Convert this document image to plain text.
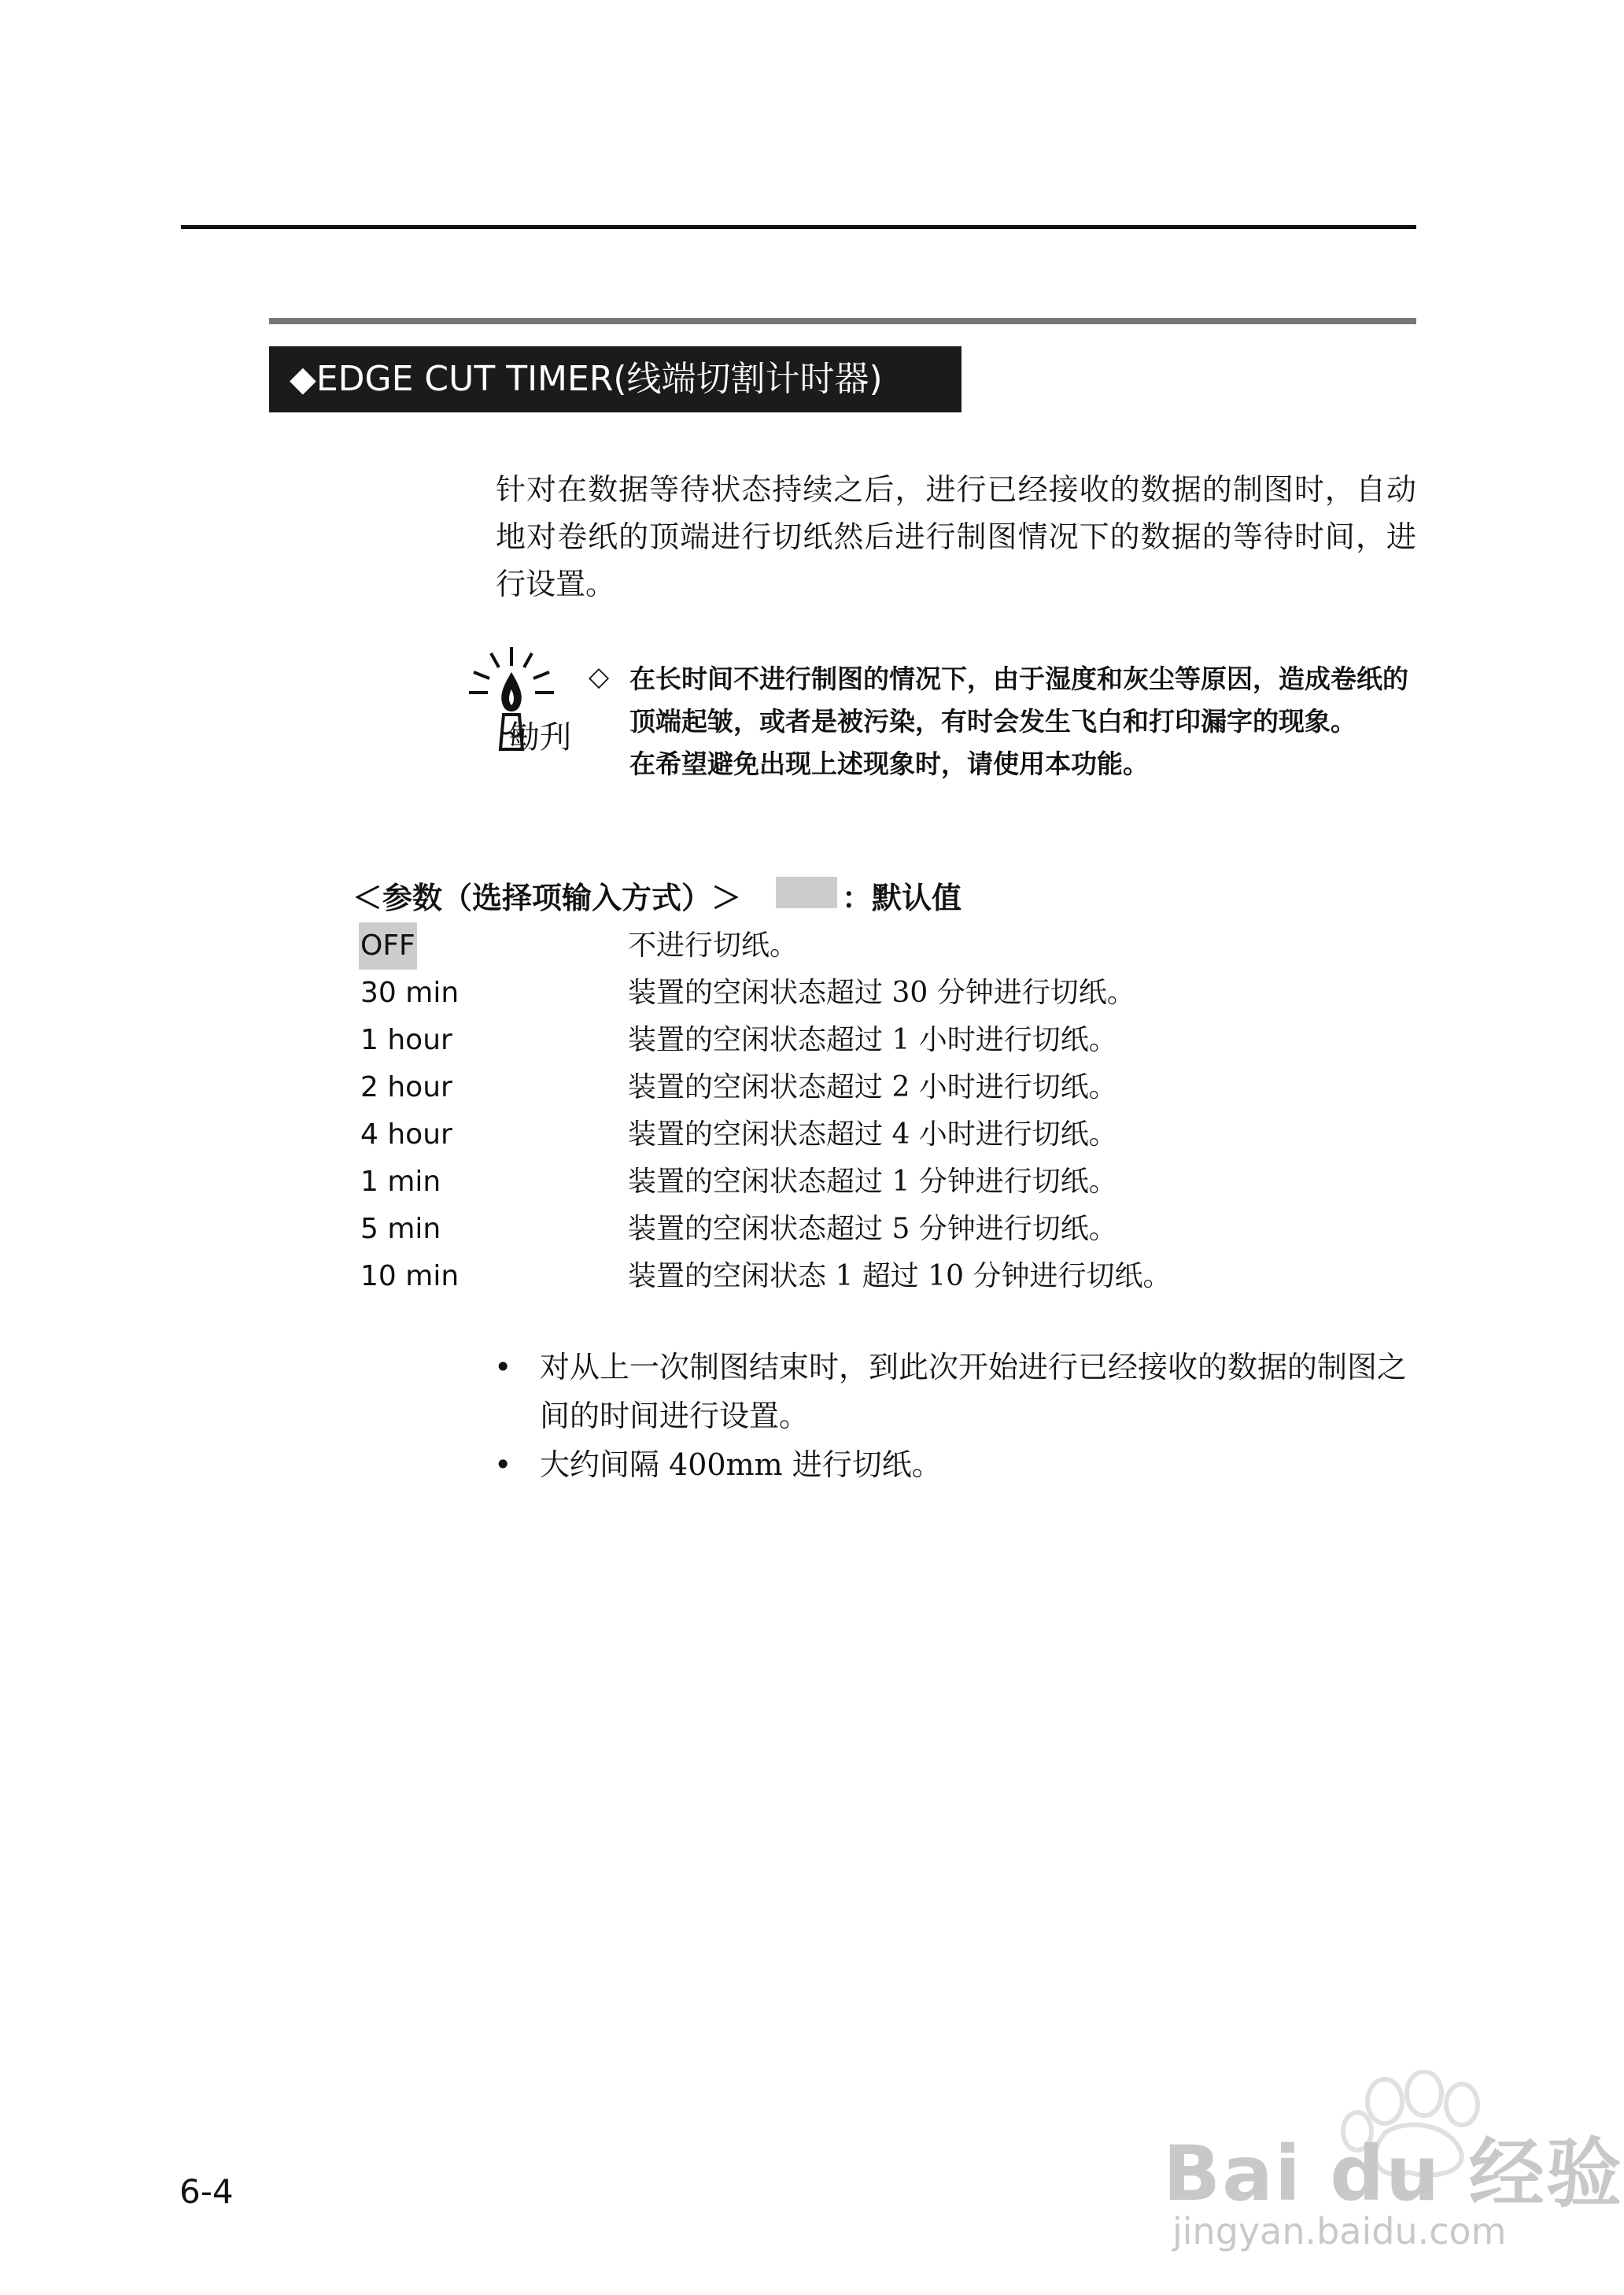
◆EDGE CUT TIMER(线端切割计时器)
针对在数据等待状态持续之后，进行已经接收的数据的制图时，自动地对卷纸的顶端进行切纸然后进行制图情况下的数据的等待时间，进行设置。
勄刋
◇ 在长时间不进行制图的情况下，由于湿度和灰尘等原因，造成卷纸的顶端起皱，或者是被污染，有时会发生飞白和打印漏字的现象。

在希望避免出现上述现象时，请使用本功能。

＜参数（选择项输入方式）＞	：默认值
OFF	不进行切纸。
30 min	装置的空闲状态超过 30 分钟进行切纸。
1 hour	装置的空闲状态超过 1 小时进行切纸。
2 hour	装置的空闲状态超过 2 小时进行切纸。
4 hour	装置的空闲状态超过 4 小时进行切纸。
1 min	装置的空闲状态超过 1 分钟进行切纸。
5 min	装置的空闲状态超过 5 分钟进行切纸。
10 min	装置的空闲状态 1 超过 10 分钟进行切纸。
• 对从上一次制图结束时，到此次开始进行已经接收的数据的制图之间的时间进行设置。
• 大约间隔 400mm 进行切纸。
6-4	Bai du 经验
jingyan.baidu.com
